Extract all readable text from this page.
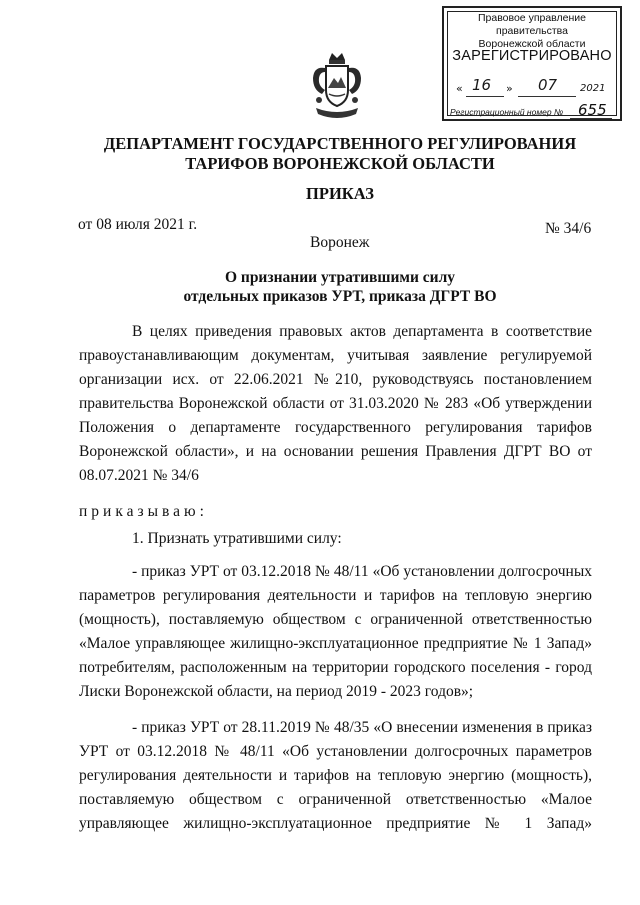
Правовое управление правительства
Воронежской области
ЗАРЕГИСТРИРОВАНО
« 16 » 07 2021
Регистрационный номер № 655
ДЕПАРТАМЕНТ ГОСУДАРСТВЕННОГО РЕГУЛИРОВАНИЯ
ТАРИФОВ ВОРОНЕЖСКОЙ ОБЛАСТИ
ПРИКАЗ
от 08 июля 2021 г.	№ 34/6
Воронеж
О признании утратившими силу
отдельных приказов УРТ, приказа ДГРТ ВО
В целях приведения правовых актов департамента в соответствие
правоустанавливающим документам, учитывая заявление регулируемой
организации исх. от 22.06.2021 №210, руководствуясь постановлением
правительства Воронежской области от 31.03.2020 № 283 «Об утверждении
Положения о департаменте государственного регулирования тарифов
Воронежской области», и на основании решения Правления ДГРТ ВО от
08.07.2021 № 34/6
приказываю:
1. Признать утратившими силу:
- приказ УРТ от 03.12.2018 № 48/11 «Об установлении долгосрочных
параметров регулирования деятельности и тарифов на тепловую энергию
(мощность), поставляемую обществом с ограниченной ответственностью
«Малое управляющее жилищно-эксплуатационное предприятие № 1 Запад»
потребителям, расположенным на территории городского поселения - город
Лиски Воронежской области, на период 2019 - 2023 годов»;
- приказ УРТ от 28.11.2019 № 48/35 «О внесении изменения в приказ
УРТ от 03.12.2018 № 48/11 «Об установлении долгосрочных параметров
регулирования деятельности и тарифов на тепловую энергию (мощность),
поставляемую обществом с ограниченной ответственностью «Малое
управляющее жилищно-эксплуатационное предприятие № 1 Запад»
